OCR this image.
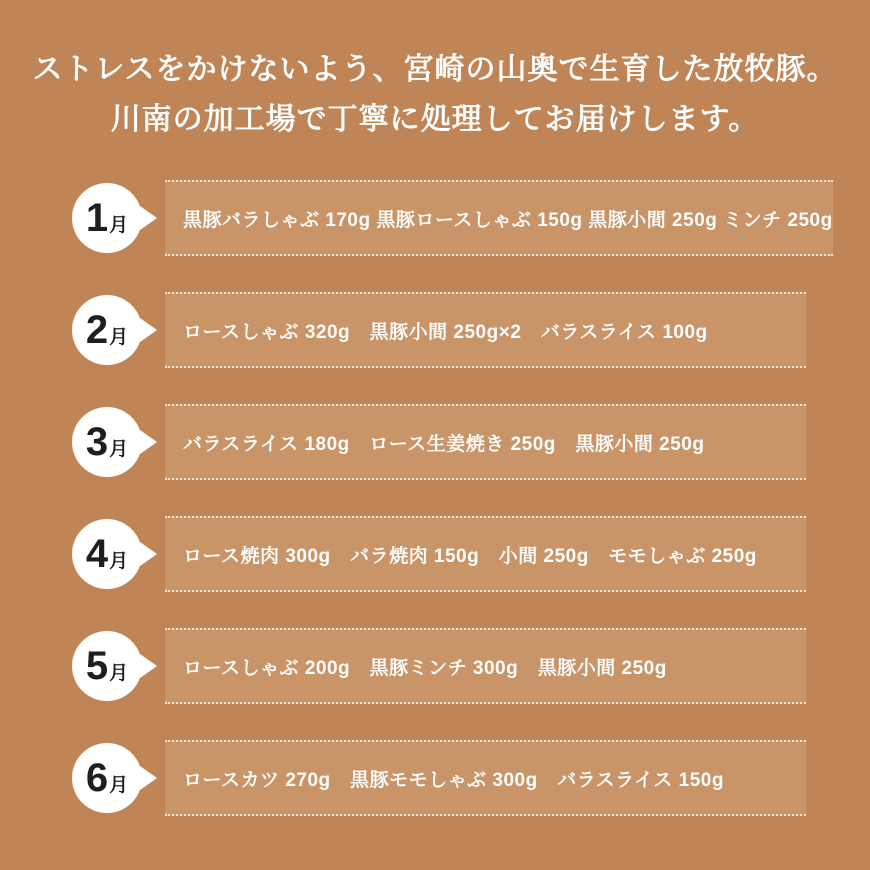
ストレスをかけないよう、宮崎の山奥で生育した放牧豚。
川南の加工場で丁寧に処理してお届けします。
1 月	黒豚バラしゃぶ 170g 黒豚ロースしゃぶ 150g 黒豚小間 250g ミンチ 250g
2 月	ロースしゃぶ 320g　黒豚小間 250g×2　バラスライス 100g
3 月	バラスライス 180g　ロース生姜焼き 250g　黒豚小間 250g
4 月	ロース焼肉 300g　バラ焼肉 150g　小間 250g　モモしゃぶ 250g
5 月	ロースしゃぶ 200g　黒豚ミンチ 300g　黒豚小間 250g
6 月	ロースカツ 270g　黒豚モモしゃぶ 300g　バラスライス 150g
